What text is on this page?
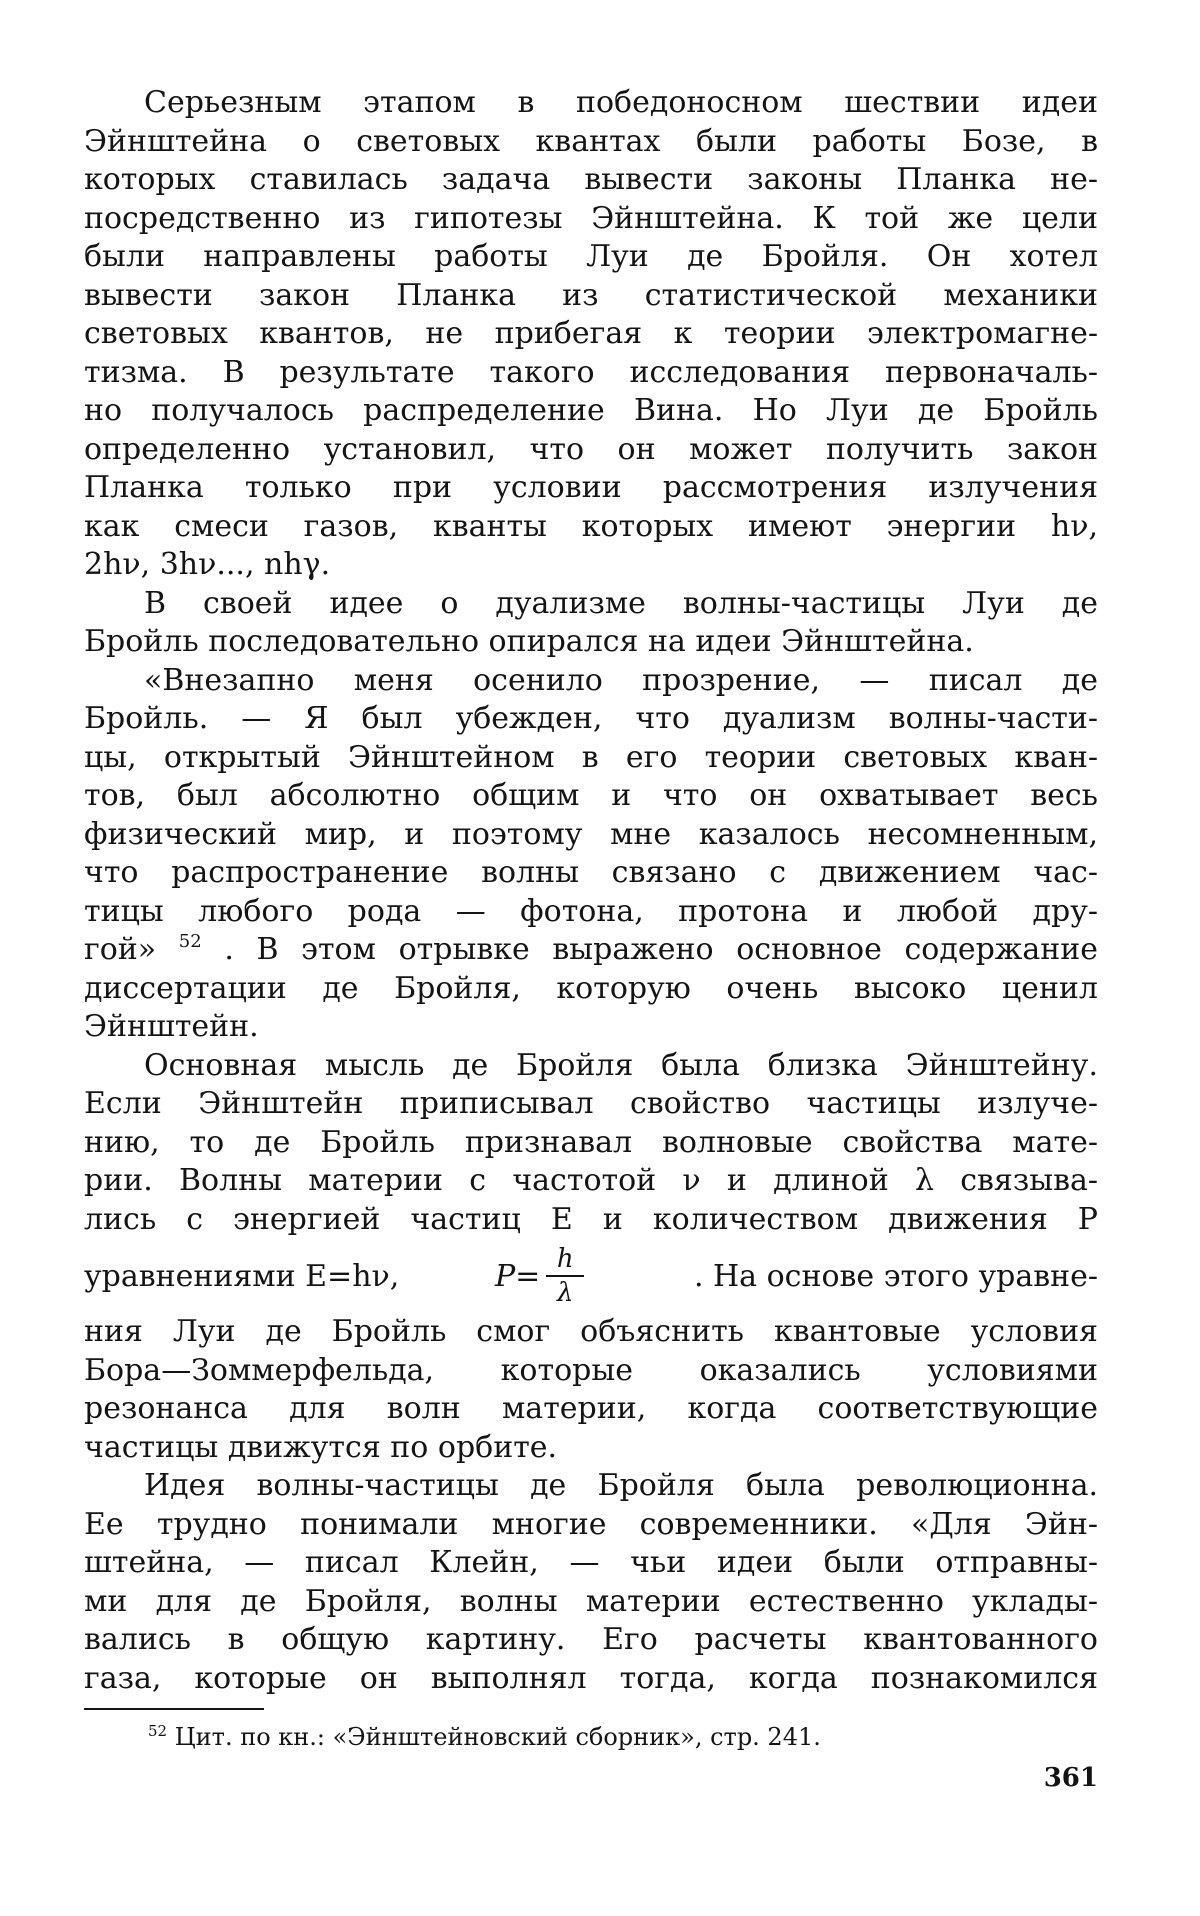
Серьезным этапом в победоносном шествии идеи
Эйнштейна о световых квантах были работы Бозе, в
которых ставилась задача вывести законы Планка не-
посредственно из гипотезы Эйнштейна. К той же цели
были направлены работы Луи де Бройля. Он хотел
вывести закон Планка из статистической механики
световых квантов, не прибегая к теории электромагне-
тизма. В результате такого исследования первоначаль-
но получалось распределение Вина. Но Луи де Бройль
определенно установил, что он может получить закон
Планка только при условии рассмотрения излучения
как смеси газов, кванты которых имеют энергии hν,
2hν, 3hν..., nhγ.
В своей идее о дуализме волны-частицы Луи де
Бройль последовательно опирался на идеи Эйнштейна.
«Внезапно меня осенило прозрение, — писал де
Бройль. — Я был убежден, что дуализм волны-части-
цы, открытый Эйнштейном в его теории световых кван-
тов, был абсолютно общим и что он охватывает весь
физический мир, и поэтому мне казалось несомненным,
что распространение волны связано с движением час-
тицы любого рода — фотона, протона и любой дру-
гой» $^{52}$ . В этом отрывке выражено основное содержание
диссертации де Бройля, которую очень высоко ценил
Эйнштейн.
Основная мысль де Бройля была близка Эйнштейну.
Если Эйнштейн приписывал свойство частицы излуче-
нию, то де Бройль признавал волновые свойства мате-
рии. Волны материи с частотой ν и длиной λ связыва-
лись с энергией частиц Е и количеством движения Р
уравнениями E=hν,	$P= \frac{h}{\lambda}$	. На основе этого уравне-
ния Луи де Бройль смог объяснить квантовые условия
Бора—Зоммерфельда, которые оказались условиями
резонанса для волн материи, когда соответствующие
частицы движутся по орбите.
Идея волны-частицы де Бройля была революционна.
Ее трудно понимали многие современники. «Для Эйн-
штейна, — писал Клейн, — чьи идеи были отправны-
ми для де Бройля, волны материи естественно уклады-
вались в общую картину. Его расчеты квантованного
газа, которые он выполнял тогда, когда познакомился
$^{52}$ Цит. по кн.: «Эйнштейновский сборник», стр. 241.
361
